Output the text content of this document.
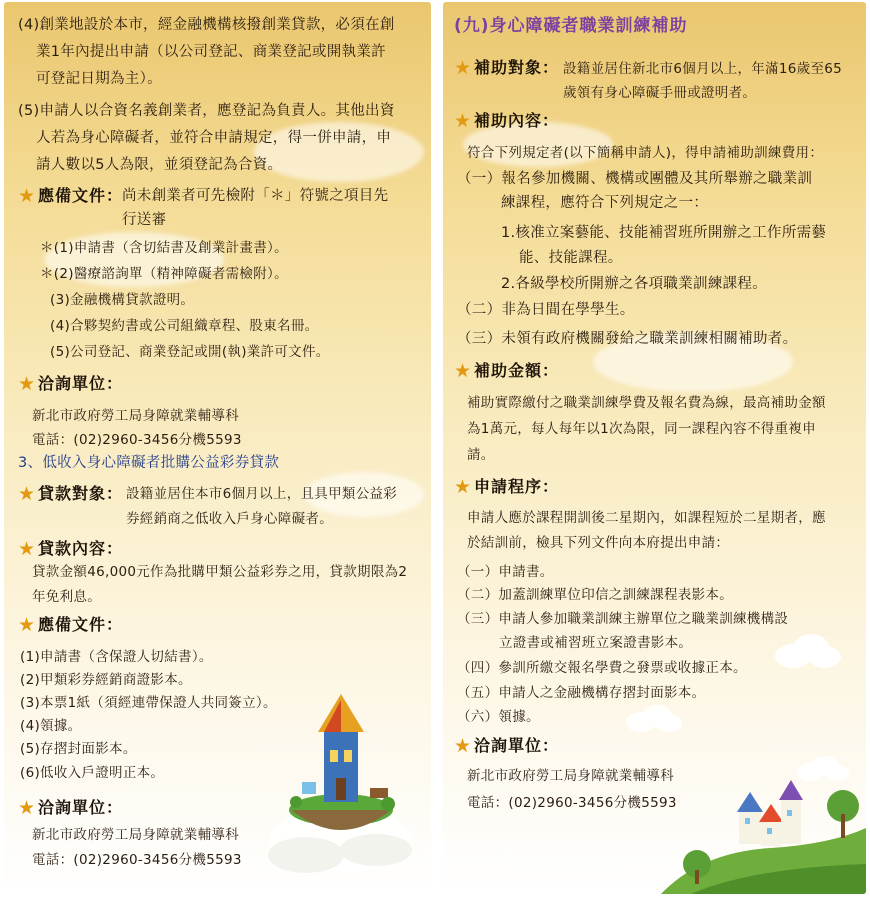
(4)創業地設於本市，經金融機構核撥創業貸款，必須在創
業1年內提出申請（以公司登記、商業登記或開執業許
可登記日期為主）。
(5)申請人以合資名義創業者，應登記為負責人。其他出資
人若為身心障礙者，並符合申請規定，得一併申請，申
請人數以5人為限，並須登記為合資。
★ 應備文件：
尚未創業者可先檢附「＊」符號之項目先
行送審
＊(1)申請書（含切結書及創業計畫書）。
＊(2)醫療諮詢單（精神障礙者需檢附）。
(3)金融機構貸款證明。
(4)合夥契約書或公司組織章程、股東名冊。
(5)公司登記、商業登記或開(執)業許可文件。
★ 洽詢單位：
新北市政府勞工局身障就業輔導科
電話：(02)2960-3456分機5593
3、低收入身心障礙者批購公益彩券貸款
★ 貸款對象： 設籍並居住本市6個月以上，且具甲類公益彩
券經銷商之低收入戶身心障礙者。
★ 貸款內容：
貸款金額46,000元作為批購甲類公益彩券之用，貸款期限為2
年免利息。
★ 應備文件：
(1)申請書（含保證人切結書）。
(2)甲類彩券經銷商證影本。
(3)本票1紙（須經連帶保證人共同簽立）。
(4)領據。
(5)存摺封面影本。
(6)低收入戶證明正本。
★ 洽詢單位：
新北市政府勞工局身障就業輔導科
電話：(02)2960-3456分機5593
(九)身心障礙者職業訓練補助
★ 補助對象： 設籍並居住新北市6個月以上，年滿16歲至65
歲領有身心障礙手冊或證明者。
★ 補助內容：
符合下列規定者(以下簡稱申請人)，得申請補助訓練費用：
（一）報名參加機關、機構或團體及其所舉辦之職業訓
練課程，應符合下列規定之一：
1.核准立案藝能、技能補習班所開辦之工作所需藝
能、技能課程。
2.各級學校所開辦之各項職業訓練課程。
（二）非為日間在學學生。
（三）未領有政府機關發給之職業訓練相關補助者。
★ 補助金額：
補助實際繳付之職業訓練學費及報名費為線，最高補助金額
為1萬元，每人每年以1次為限，同一課程內容不得重複申
請。
★ 申請程序：
申請人應於課程開訓後二星期內，如課程短於二星期者，應
於結訓前，檢具下列文件向本府提出申請：
（一）申請書。
（二）加蓋訓練單位印信之訓練課程表影本。
（三）申請人參加職業訓練主辦單位之職業訓練機構設
立證書或補習班立案證書影本。
（四）參訓所繳交報名學費之發票或收據正本。
（五）申請人之金融機構存摺封面影本。
（六）領據。
★ 洽詢單位：
新北市政府勞工局身障就業輔導科
電話：(02)2960-3456分機5593
